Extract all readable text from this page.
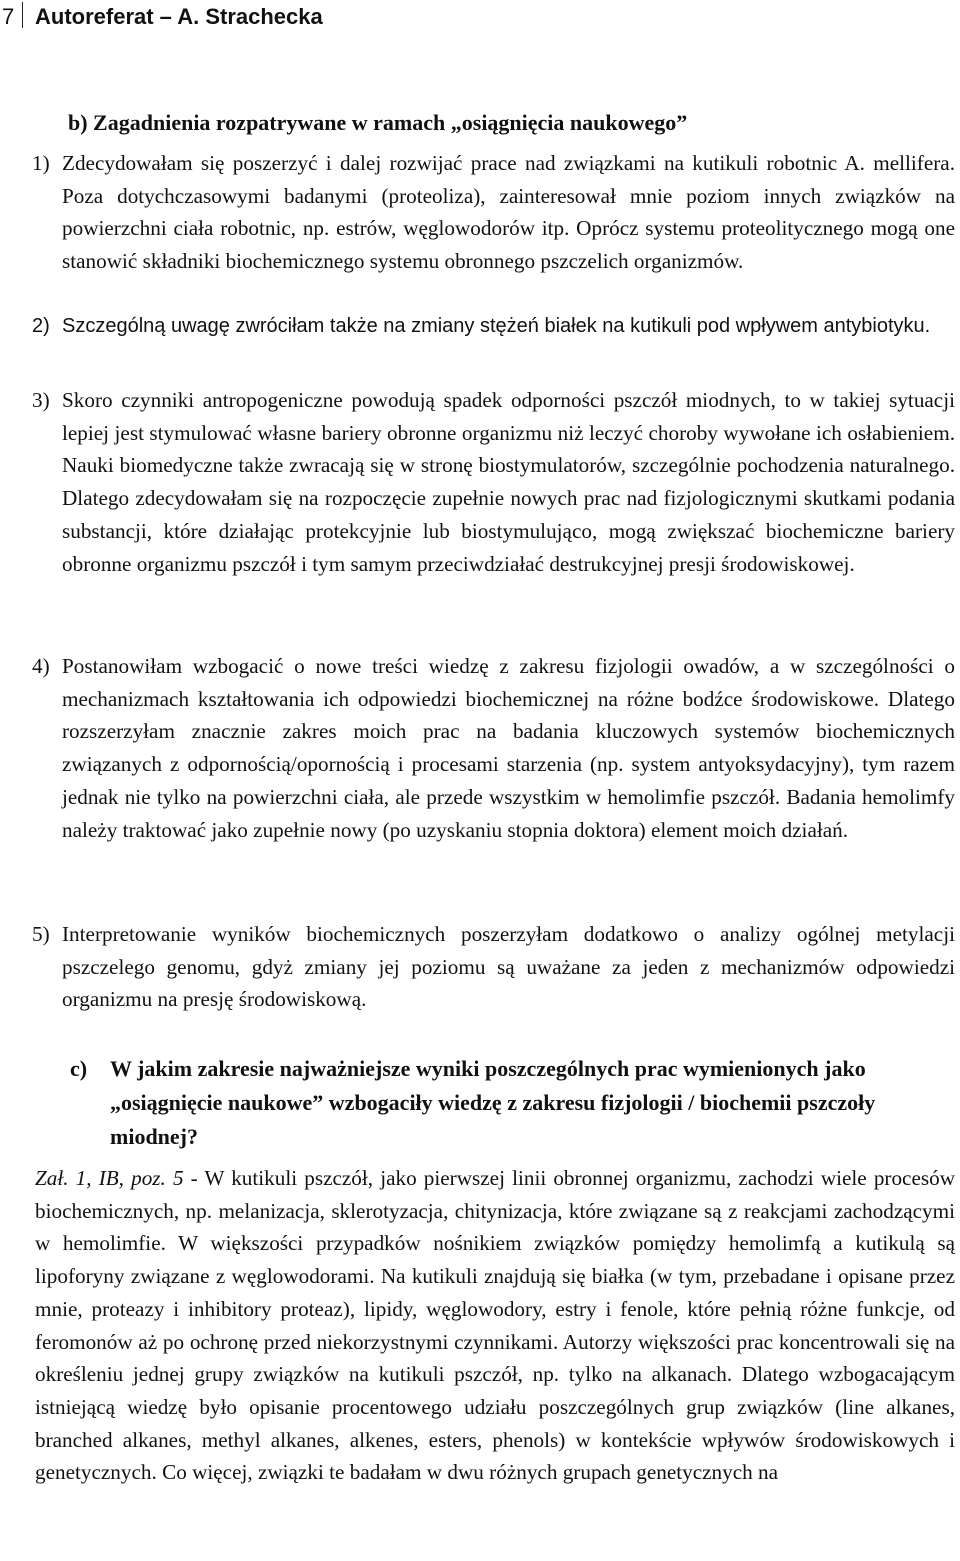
7 Autoreferat – A. Strachecka
b) Zagadnienia rozpatrywane w ramach „osiągnięcia naukowego”
1) Zdecydowałam się poszerzyć i dalej rozwijać prace nad związkami na kutikuli robotnic A. mellifera. Poza dotychczasowymi badanymi (proteoliza), zainteresował mnie poziom innych związków na powierzchni ciała robotnic, np. estrów, węglowodorów itp. Oprócz systemu proteolitycznego mogą one stanowić składniki biochemicznego systemu obronnego pszczelich organizmów.
2) Szczególną uwagę zwróciłam także na zmiany stężeń białek na kutikuli pod wpływem antybiotyku.
3) Skoro czynniki antropogeniczne powodują spadek odporności pszczół miodnych, to w takiej sytuacji lepiej jest stymulować własne bariery obronne organizmu niż leczyć choroby wywołane ich osłabieniem. Nauki biomedyczne także zwracają się w stronę biostymulatorów, szczególnie pochodzenia naturalnego. Dlatego zdecydowałam się na rozpoczęcie zupełnie nowych prac nad fizjologicznymi skutkami podania substancji, które działając protekcyjnie lub biostymulująco, mogą zwiększać biochemiczne bariery obronne organizmu pszczół i tym samym przeciwdziałać destrukcyjnej presji środowiskowej.
4) Postanowiłam wzbogacić o nowe treści wiedzę z zakresu fizjologii owadów, a w szczególności o mechanizmach kształtowania ich odpowiedzi biochemicznej na różne bodźce środowiskowe. Dlatego rozszerzyłam znacznie zakres moich prac na badania kluczowych systemów biochemicznych związanych z odpornością/opornością i procesami starzenia (np. system antyoksydacyjny), tym razem jednak nie tylko na powierzchni ciała, ale przede wszystkim w hemolimfie pszczół. Badania hemolimfy należy traktować jako zupełnie nowy (po uzyskaniu stopnia doktora) element moich działań.
5) Interpretowanie wyników biochemicznych poszerzyłam dodatkowo o analizy ogólnej metylacji pszczelego genomu, gdyż zmiany jej poziomu są uważane za jeden z mechanizmów odpowiedzi organizmu na presję środowiskową.
c) W jakim zakresie najważniejsze wyniki poszczególnych prac wymienionych jako „osiągnięcie naukowe” wzbogaciły wiedzę z zakresu fizjologii / biochemii pszczoły miodnej?
Zał. 1, IB, poz. 5 - W kutikuli pszczół, jako pierwszej linii obronnej organizmu, zachodzi wiele procesów biochemicznych, np. melanizacja, sklerotyzacja, chitynizacja, które związane są z reakcjami zachodzącymi w hemolimfie. W większości przypadków nośnikiem związków pomiędzy hemolimfą a kutikulą są lipoforyny związane z węglowodorami. Na kutikuli znajdują się białka (w tym, przebadane i opisane przez mnie, proteazy i inhibitory proteaz), lipidy, węglowodory, estry i fenole, które pełnią różne funkcje, od feromonów aż po ochronę przed niekorzystnymi czynnikami. Autorzy większości prac koncentrowali się na określeniu jednej grupy związków na kutikuli pszczół, np. tylko na alkanach. Dlatego wzbogacającym istniejącą wiedzę było opisanie procentowego udziału poszczególnych grup związków (line alkanes, branched alkanes, methyl alkanes, alkenes, esters, phenols) w kontekście wpływów środowiskowych i genetycznych. Co więcej, związki te badałam w dwu różnych grupach genetycznych na
